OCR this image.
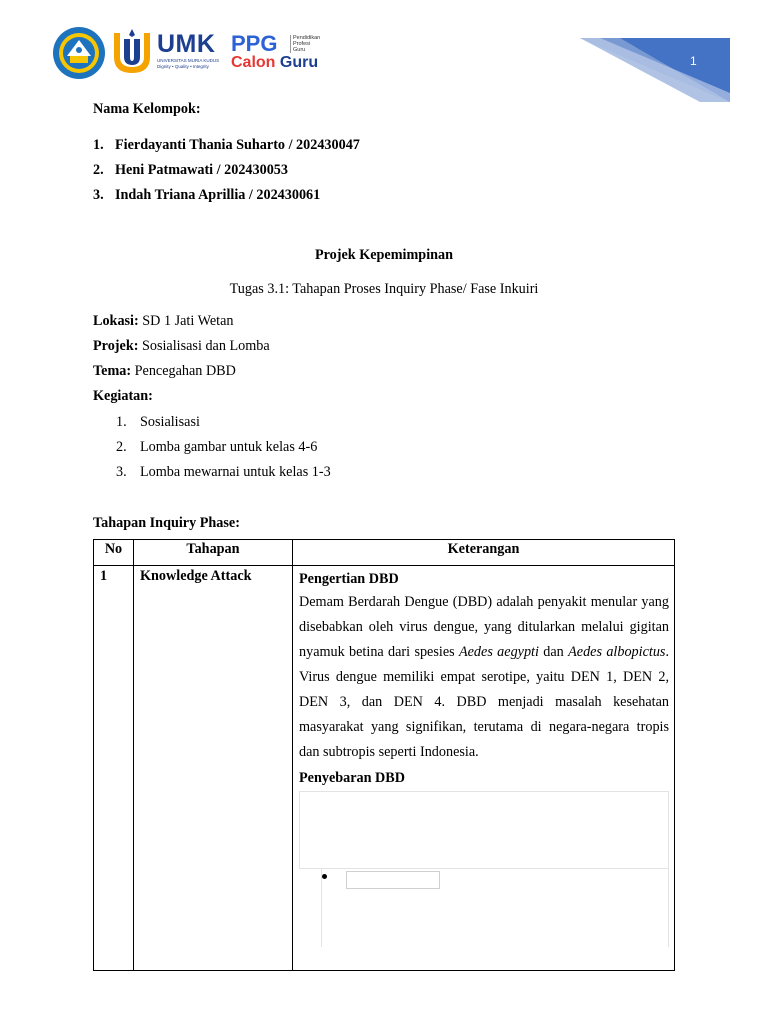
UMK
UNIVERSITAS MURIA KUDUS
Dignity • Quality • Integrity
PPG	Pendidikan
Profesi
Guru
Calon Guru	1
Nama Kelompok:
1. Fierdayanti Thania Suharto / 202430047
2. Heni Patmawati / 202430053
3. Indah Triana Aprillia / 202430061
Projek Kepemimpinan
Tugas 3.1: Tahapan Proses Inquiry Phase/ Fase Inkuiri
Lokasi: SD 1 Jati Wetan
Projek: Sosialisasi dan Lomba
Tema: Pencegahan DBD
Kegiatan:
1. Sosialisasi
2. Lomba gambar untuk kelas 4-6
3. Lomba mewarnai untuk kelas 1-3
Tahapan Inquiry Phase:
No	Tahapan	Keterangan
1	Knowledge Attack	Pengertian DBD

Demam Berdarah Dengue (DBD) adalah penyakit menular yang disebabkan oleh virus dengue, yang ditularkan melalui gigitan nyamuk betina dari spesies Aedes aegypti dan Aedes albopictus. Virus dengue memiliki empat serotipe, yaitu DEN 1, DEN 2, DEN 3, dan DEN 4. DBD menjadi masalah kesehatan masyarakat yang signifikan, terutama di negara-negara tropis dan subtropis seperti Indonesia.

Penyebaran DBD
